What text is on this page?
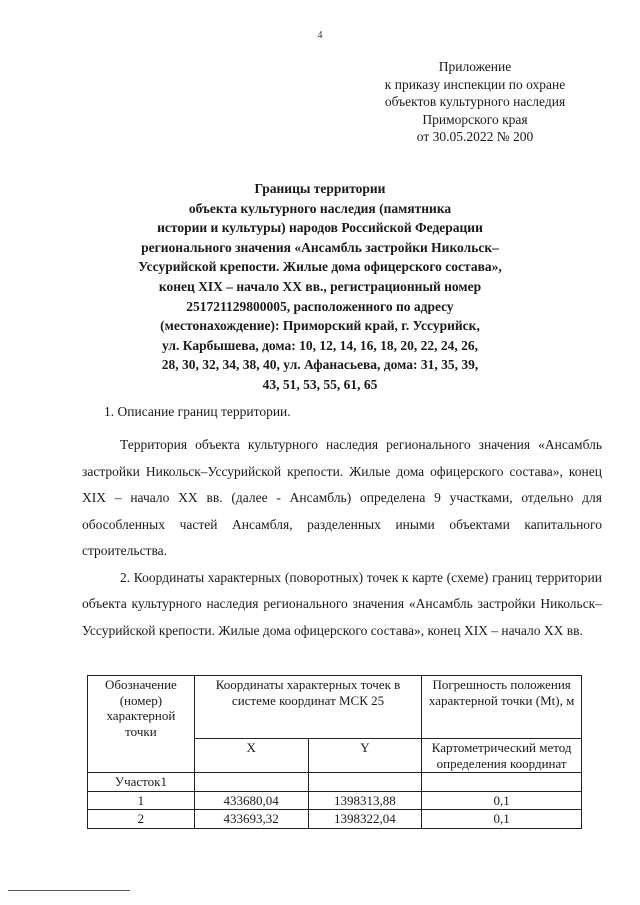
4
Приложение
к приказу инспекции по охране
объектов культурного наследия
Приморского края
от 30.05.2022 № 200
Границы территории
объекта культурного наследия (памятника
истории и культуры) народов Российской Федерации
регионального значения «Ансамбль застройки Никольск–
Уссурийской крепости. Жилые дома офицерского состава»,
конец XIX – начало XX вв., регистрационный номер
251721129800005, расположенного по адресу
(местонахождение): Приморский край, г. Уссурийск,
ул. Карбышева, дома: 10, 12, 14, 16, 18, 20, 22, 24, 26,
28, 30, 32, 34, 38, 40, ул. Афанасьева, дома: 31, 35, 39,
43, 51, 53, 55, 61, 65
1. Описание границ территории.

Территория объекта культурного наследия регионального значения «Ансамбль застройки Никольск–Уссурийской крепости. Жилые дома офицерского состава», конец XIX – начало XX вв. (далее - Ансамбль) определена 9 участками, отдельно для обособленных частей Ансамбля, разделенных иными объектами капитального строительства.

2. Координаты характерных (поворотных) точек к карте (схеме) границ территории объекта культурного наследия регионального значения «Ансамбль застройки Никольск–Уссурийской крепости. Жилые дома офицерского состава», конец XIX – начало XX вв.

Обозначение (номер) характерной точки	Координаты характерных точек в системе координат МСК 25		Погрешность положения характерной точки (Mt), м
	X	Y	Картометрический метод определения координат
Участок1			
1	433680,04	1398313,88	0,1
2	433693,32	1398322,04	0,1
